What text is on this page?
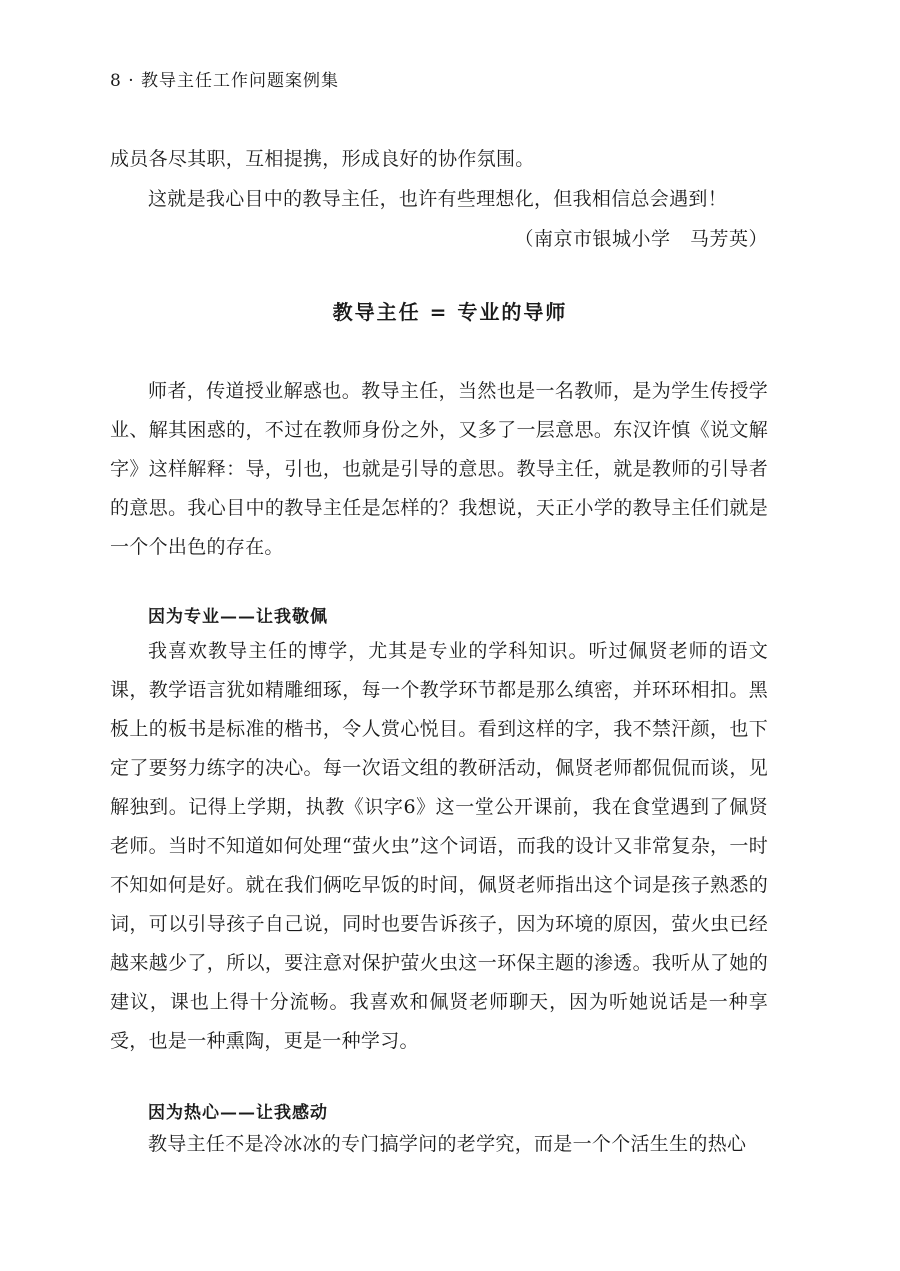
8 · 教导主任工作问题案例集

成员各尽其职，互相提携，形成良好的协作氛围。

这就是我心目中的教导主任，也许有些理想化，但我相信总会遇到！

（南京市银城小学　马芳英）
教导主任 = 专业的导师

师者，传道授业解惑也。教导主任，当然也是一名教师，是为学生传授学业、解其困惑的，不过在教师身份之外，又多了一层意思。东汉许慎《说文解字》这样解释：导，引也，也就是引导的意思。教导主任，就是教师的引导者的意思。我心目中的教导主任是怎样的？我想说，天正小学的教导主任们就是一个个出色的存在。

因为专业——让我敬佩

我喜欢教导主任的博学，尤其是专业的学科知识。听过佩贤老师的语文课，教学语言犹如精雕细琢，每一个教学环节都是那么缜密，并环环相扣。黑板上的板书是标准的楷书，令人赏心悦目。看到这样的字，我不禁汗颜，也下定了要努力练字的决心。每一次语文组的教研活动，佩贤老师都侃侃而谈，见解独到。记得上学期，执教《识字6》这一堂公开课前，我在食堂遇到了佩贤老师。当时不知道如何处理“萤火虫”这个词语，而我的设计又非常复杂，一时不知如何是好。就在我们俩吃早饭的时间，佩贤老师指出这个词是孩子熟悉的词，可以引导孩子自己说，同时也要告诉孩子，因为环境的原因，萤火虫已经越来越少了，所以，要注意对保护萤火虫这一环保主题的渗透。我听从了她的建议，课也上得十分流畅。我喜欢和佩贤老师聊天，因为听她说话是一种享受，也是一种熏陶，更是一种学习。

因为热心——让我感动

教导主任不是冷冰冰的专门搞学问的老学究，而是一个个活生生的热心
